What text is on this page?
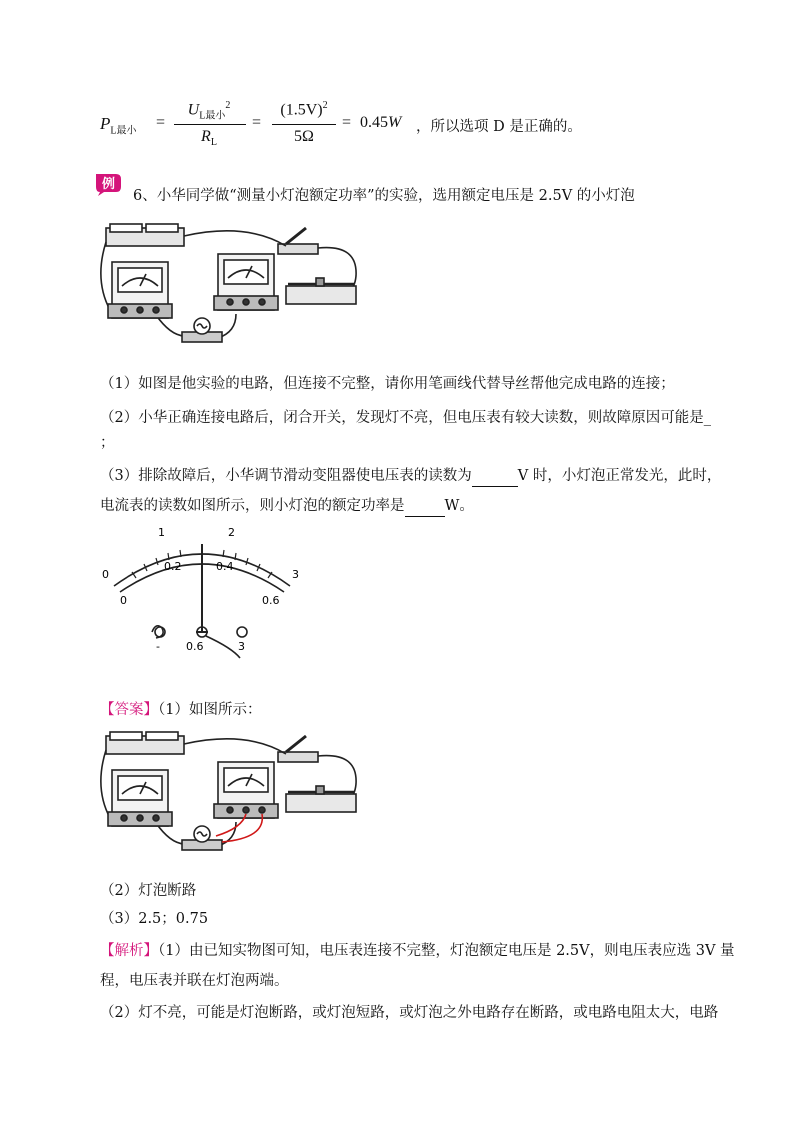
$P_{L最小}$ =
$U_{L最小}^2$
$R_L$
=
$(1.5V)^2$
5Ω
= 0.45W ，所以选项 D 是正确的。
例
6、小华同学做“测量小灯泡额定功率”的实验，选用额定电压是 2.5V 的小灯泡
（1）如图是他实验的电路，但连接不完整，请你用笔画线代替导丝帮他完成电路的连接；
（2）小华正确连接电路后，闭合开关，发现灯不亮，但电压表有较大读数，则故障原因可能是_
；
（3）排除故障后，小华调节滑动变阻器使电压表的读数为	V 时，小灯泡正常发光，此时，
电流表的读数如图所示，则小灯泡的额定功率是	W。
0
1	2
3
0
0.2	0.4
0.6
- 0.6	3
【答案】（1）如图所示：
（2）灯泡断路
（3）2.5；0.75
【解析】（1）由已知实物图可知，电压表连接不完整，灯泡额定电压是 2.5V，则电压表应选 3V 量
程，电压表并联在灯泡两端。
（2）灯不亮，可能是灯泡断路，或灯泡短路，或灯泡之外电路存在断路，或电路电阻太大，电路
